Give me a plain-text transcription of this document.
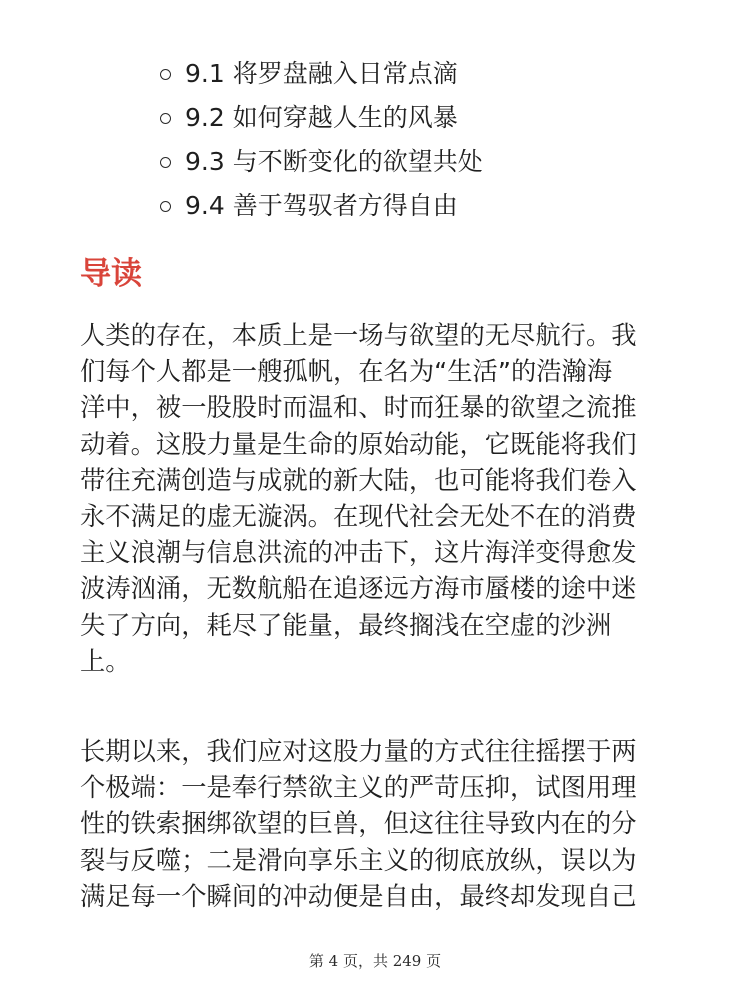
9.1 将罗盘融入日常点滴
9.2 如何穿越人生的风暴
9.3 与不断变化的欲望共处
9.4 善于驾驭者方得自由
导读

人类的存在，本质上是一场与欲望的无尽航行。我
们每个人都是一艘孤帆，在名为“生活”的浩瀚海
洋中，被一股股时而温和、时而狂暴的欲望之流推
动着。这股力量是生命的原始动能，它既能将我们
带往充满创造与成就的新大陆，也可能将我们卷入
永不满足的虚无漩涡。在现代社会无处不在的消费
主义浪潮与信息洪流的冲击下，这片海洋变得愈发
波涛汹涌，无数航船在追逐远方海市蜃楼的途中迷
失了方向，耗尽了能量，最终搁浅在空虚的沙洲
上。

长期以来，我们应对这股力量的方式往往摇摆于两
个极端：一是奉行禁欲主义的严苛压抑，试图用理
性的铁索捆绑欲望的巨兽，但这往往导致内在的分
裂与反噬；二是滑向享乐主义的彻底放纵，误以为
满足每一个瞬间的冲动便是自由，最终却发现自己

第 4 页，共 249 页
